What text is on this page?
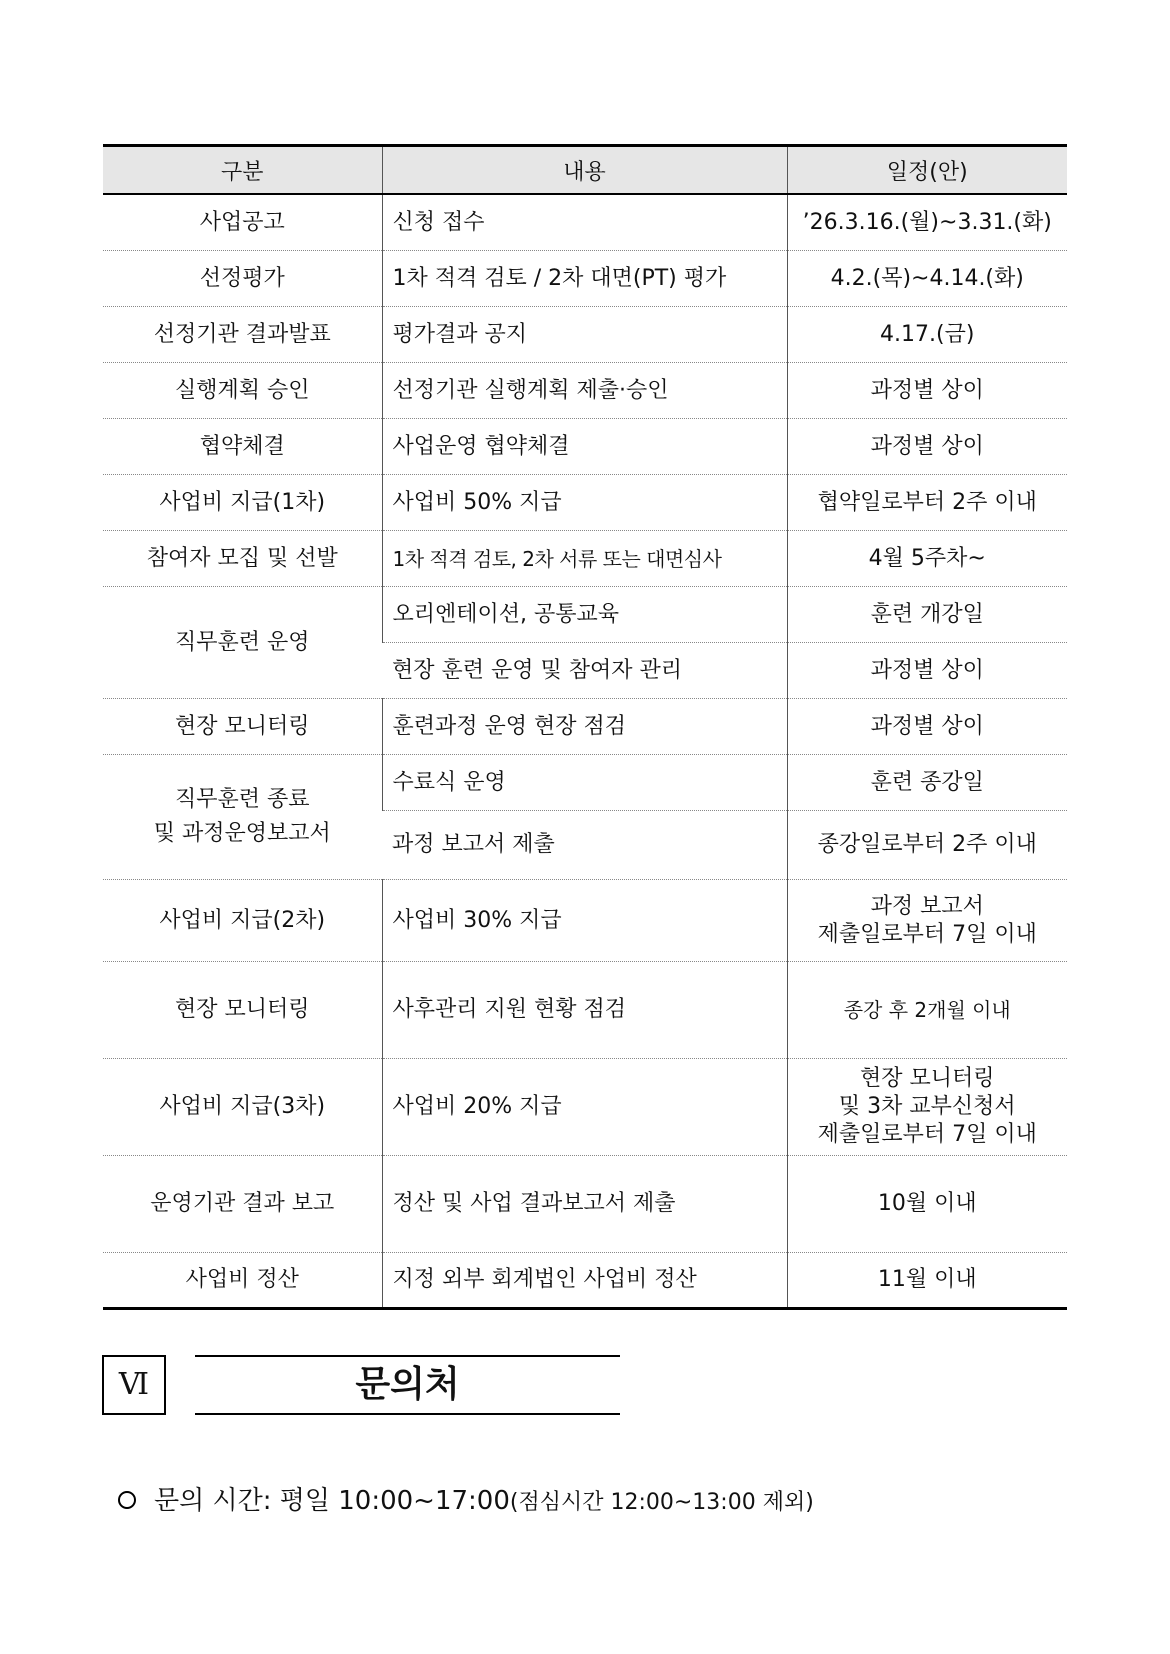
구분	내용	일정(안)
사업공고	신청 접수	’26.3.16.(월)~3.31.(화)
선정평가	1차 적격 검토 / 2차 대면(PT) 평가	4.2.(목)~4.14.(화)
선정기관 결과발표	평가결과 공지	4.17.(금)
실행계획 승인	선정기관 실행계획 제출·승인	과정별 상이
협약체결	사업운영 협약체결	과정별 상이
사업비 지급(1차)	사업비 50% 지급	협약일로부터 2주 이내
참여자 모집 및 선발	1차 적격 검토, 2차 서류 또는 대면심사	4월 5주차~
직무훈련 운영	오리엔테이션, 공통교육	훈련 개강일
	현장 훈련 운영 및 참여자 관리	과정별 상이
현장 모니터링	훈련과정 운영 현장 점검	과정별 상이
직무훈련 종료
및 과정운영보고서	수료식 운영	훈련 종강일
	과정 보고서 제출	종강일로부터 2주 이내
사업비 지급(2차)	사업비 30% 지급	과정 보고서
제출일로부터 7일 이내
현장 모니터링	사후관리 지원 현황 점검	종강 후 2개월 이내
사업비 지급(3차)	사업비 20% 지급	현장 모니터링
및 3차 교부신청서
제출일로부터 7일 이내
운영기관 결과 보고	정산 및 사업 결과보고서 제출	10월 이내
사업비 정산	지정 외부 회계법인 사업비 정산	11월 이내
Ⅵ	문의처
문의 시간: 평일 10:00~17:00(점심시간 12:00~13:00 제외)
